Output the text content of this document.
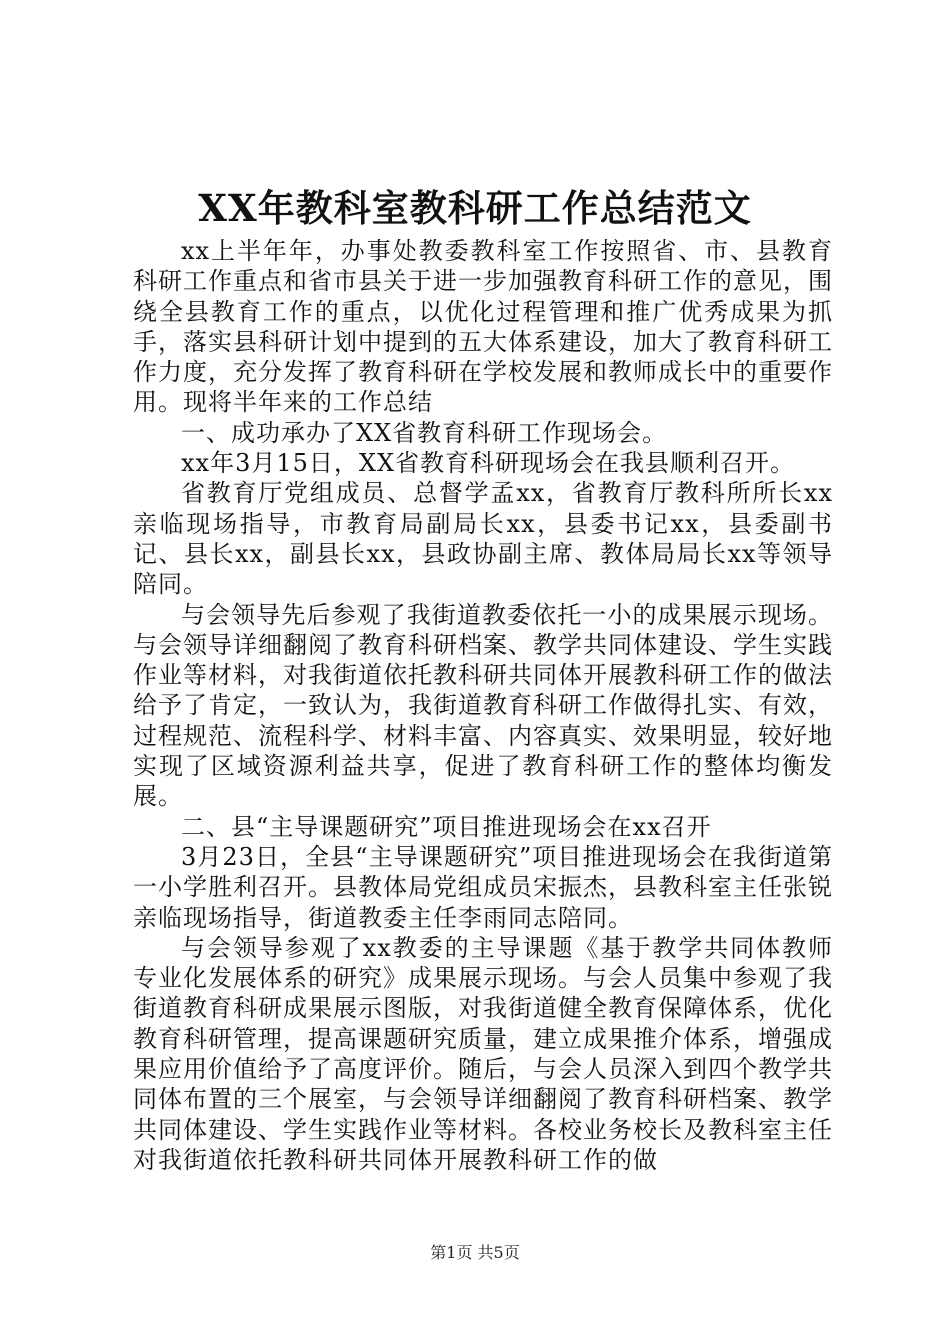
XX年教科室教科研工作总结范文

xx上半年年，办事处教委教科室工作按照省、市、县教育科研工作重点和省市县关于进一步加强教育科研工作的意见，围绕全县教育工作的重点，以优化过程管理和推广优秀成果为抓手，落实县科研计划中提到的五大体系建设，加大了教育科研工作力度，充分发挥了教育科研在学校发展和教师成长中的重要作用。现将半年来的工作总结

一、成功承办了XX省教育科研工作现场会。

xx年3月15日，XX省教育科研现场会在我县顺利召开。

省教育厅党组成员、总督学孟xx，省教育厅教科所所长xx亲临现场指导，市教育局副局长xx，县委书记xx，县委副书记、县长xx，副县长xx，县政协副主席、教体局局长xx等领导陪同。

与会领导先后参观了我街道教委依托一小的成果展示现场。与会领导详细翻阅了教育科研档案、教学共同体建设、学生实践作业等材料，对我街道依托教科研共同体开展教科研工作的做法给予了肯定，一致认为，我街道教育科研工作做得扎实、有效，过程规范、流程科学、材料丰富、内容真实、效果明显，较好地实现了区域资源利益共享，促进了教育科研工作的整体均衡发展。

二、县“主导课题研究”项目推进现场会在xx召开

3月23日，全县“主导课题研究”项目推进现场会在我街道第一小学胜利召开。县教体局党组成员宋振杰，县教科室主任张锐亲临现场指导，街道教委主任李雨同志陪同。

与会领导参观了xx教委的主导课题《基于教学共同体教师专业化发展体系的研究》成果展示现场。与会人员集中参观了我街道教育科研成果展示图版，对我街道健全教育保障体系，优化教育科研管理，提高课题研究质量，建立成果推介体系，增强成果应用价值给予了高度评价。随后，与会人员深入到四个教学共同体布置的三个展室，与会领导详细翻阅了教育科研档案、教学共同体建设、学生实践作业等材料。各校业务校长及教科室主任对我街道依托教科研共同体开展教科研工作的做

第1页 共5页
